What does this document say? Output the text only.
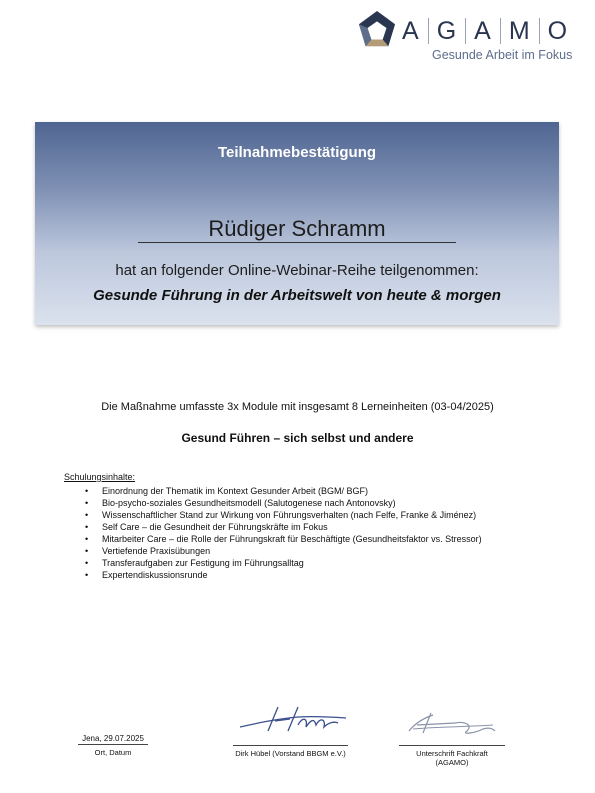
A G A M O
Gesunde Arbeit im Fokus
Teilnahmebestätigung
Rüdiger Schramm
hat an folgender Online-Webinar-Reihe teilgenommen:
Gesunde Führung in der Arbeitswelt von heute & morgen
Die Maßnahme umfasste 3x Module mit insgesamt 8 Lerneinheiten (03-04/2025)
Gesund Führen – sich selbst und andere
Schulungsinhalte:
• Einordnung der Thematik im Kontext Gesunder Arbeit (BGM/ BGF)
• Bio-psycho-soziales Gesundheitsmodell (Salutogenese nach Antonovsky)
• Wissenschaftlicher Stand zur Wirkung von Führungsverhalten (nach Felfe, Franke & Jiménez)
• Self Care – die Gesundheit der Führungskräfte im Fokus
• Mitarbeiter Care – die Rolle der Führungskraft für Beschäftigte (Gesundheitsfaktor vs. Stressor)
• Vertiefende Praxisübungen
• Transferaufgaben zur Festigung im Führungsalltag
• Expertendiskussionsrunde
Jena, 29.07.2025
Ort, Datum	Dirk Hübel (Vorstand BBGM e.V.)	Unterschrift Fachkraft (AGAMO)
